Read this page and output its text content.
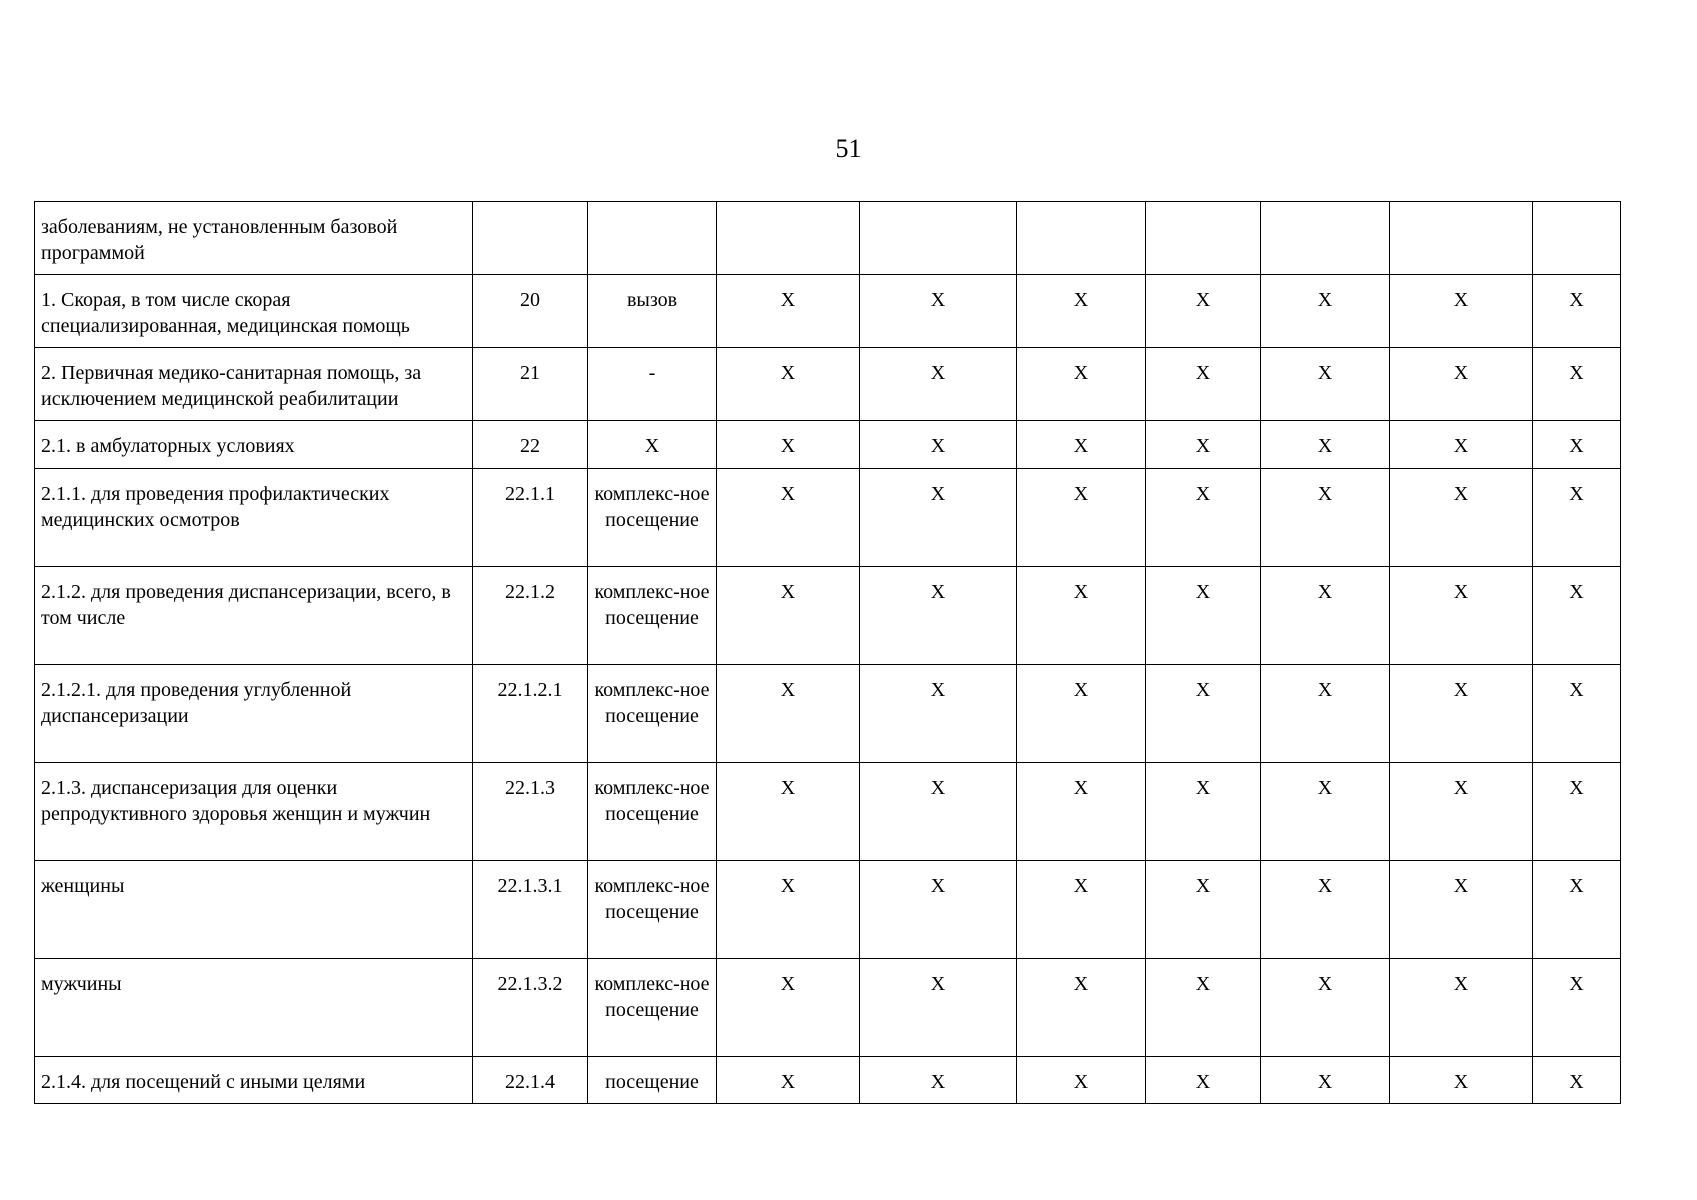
51
заболеваниям, не установленным базовой программой									
1. Скорая, в том числе скорая специализированная, медицинская помощь	20	вызов	Х	Х	Х	Х	Х	Х	Х
2. Первичная медико-санитарная помощь, за исключением медицинской реабилитации	21	-	Х	Х	Х	Х	Х	Х	Х
2.1. в амбулаторных условиях	22	Х	Х	Х	Х	Х	Х	Х	Х
2.1.1. для проведения профилактических медицинских осмотров	22.1.1	комплекс-ное посещение	Х	Х	Х	Х	Х	Х	Х
2.1.2. для проведения диспансеризации, всего, в том числе	22.1.2	комплекс-ное посещение	Х	Х	Х	Х	Х	Х	Х
2.1.2.1. для проведения углубленной диспансеризации	22.1.2.1	комплекс-ное посещение	Х	Х	Х	Х	Х	Х	Х
2.1.3. диспансеризация для оценки репродуктивного здоровья женщин и мужчин	22.1.3	комплекс-ное посещение	Х	Х	Х	Х	Х	Х	Х
женщины	22.1.3.1	комплекс-ное посещение	Х	Х	Х	Х	Х	Х	Х
мужчины	22.1.3.2	комплекс-ное посещение	Х	Х	Х	Х	Х	Х	Х
2.1.4. для посещений с иными целями	22.1.4	посещение	Х	Х	Х	Х	Х	Х	Х
